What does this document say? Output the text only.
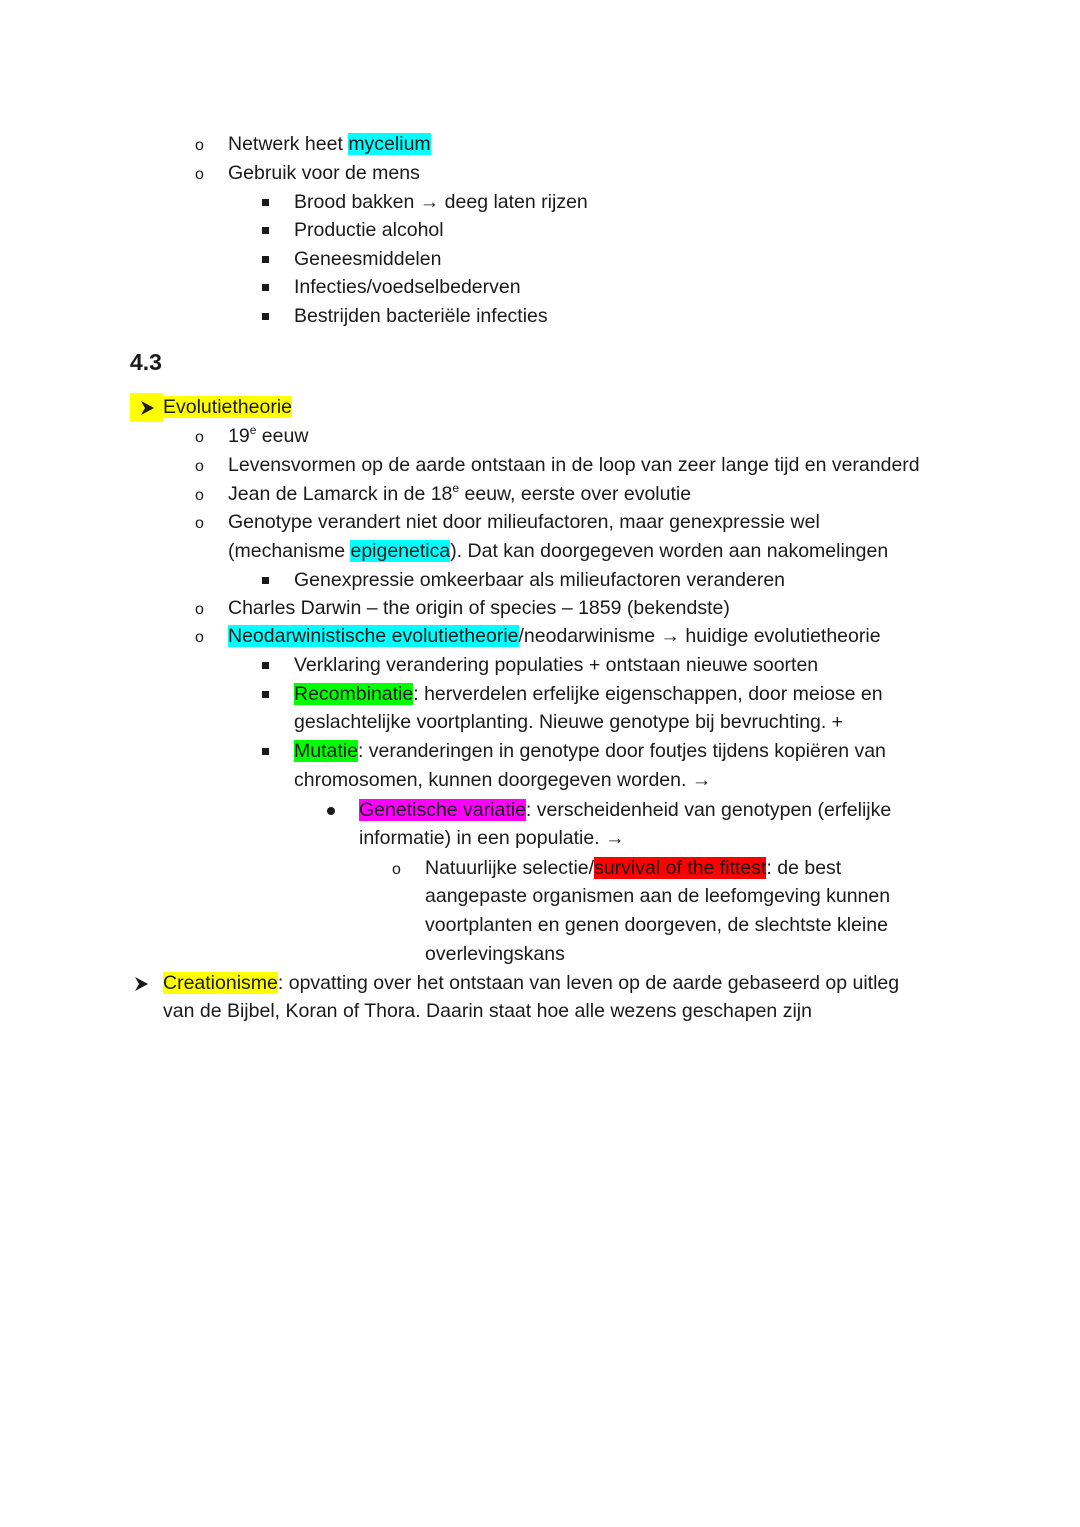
o Netwerk heet mycelium
o Gebruik voor de mens
Brood bakken → deeg laten rijzen
Productie alcohol
Geneesmiddelen
Infecties/voedselbederven
Bestrijden bacteriële infecties
4.3
Evolutietheorie
o 19e eeuw
o Levensvormen op de aarde ontstaan in de loop van zeer lange tijd en veranderd
o Jean de Lamarck in de 18e eeuw, eerste over evolutie
o Genotype verandert niet door milieufactoren, maar genexpressie wel
(mechanisme epigenetica). Dat kan doorgegeven worden aan nakomelingen
Genexpressie omkeerbaar als milieufactoren veranderen
o Charles Darwin – the origin of species – 1859 (bekendste)
o Neodarwinistische evolutietheorie/neodarwinisme → huidige evolutietheorie
Verklaring verandering populaties + ontstaan nieuwe soorten
Recombinatie: herverdelen erfelijke eigenschappen, door meiose en
geslachtelijke voortplanting. Nieuwe genotype bij bevruchting. +
Mutatie: veranderingen in genotype door foutjes tijdens kopiëren van
chromosomen, kunnen doorgegeven worden. →
Genetische variatie: verscheidenheid van genotypen (erfelijke
informatie) in een populatie. →
o Natuurlijke selectie/survival of the fittest: de best
aangepaste organismen aan de leefomgeving kunnen
voortplanten en genen doorgeven, de slechtste kleine
overlevingskans
Creationisme: opvatting over het ontstaan van leven op de aarde gebaseerd op uitleg
van de Bijbel, Koran of Thora. Daarin staat hoe alle wezens geschapen zijn
